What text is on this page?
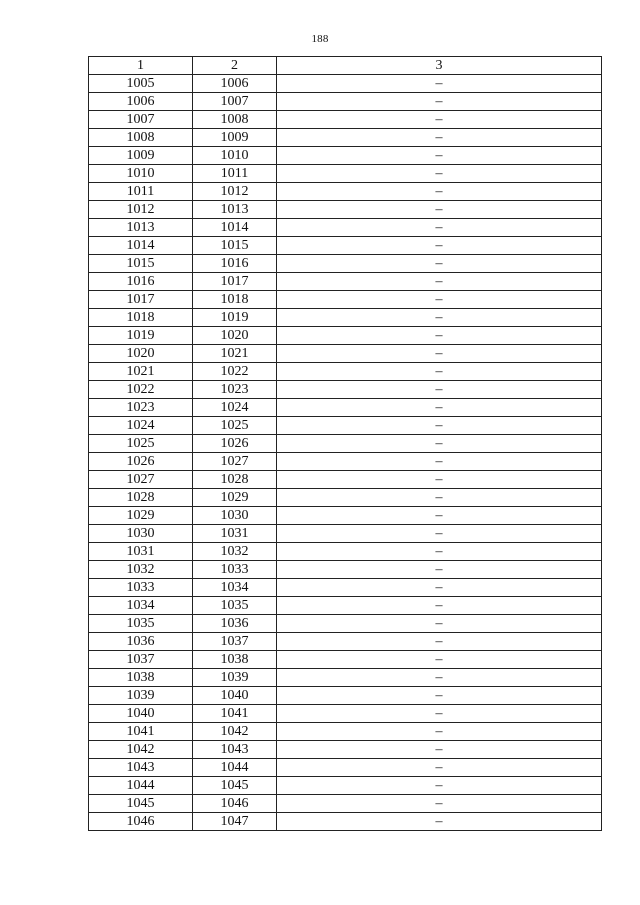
188
1	2	3
1005	1006	–
1006	1007	–
1007	1008	–
1008	1009	–
1009	1010	–
1010	1011	–
1011	1012	–
1012	1013	–
1013	1014	–
1014	1015	–
1015	1016	–
1016	1017	–
1017	1018	–
1018	1019	–
1019	1020	–
1020	1021	–
1021	1022	–
1022	1023	–
1023	1024	–
1024	1025	–
1025	1026	–
1026	1027	–
1027	1028	–
1028	1029	–
1029	1030	–
1030	1031	–
1031	1032	–
1032	1033	–
1033	1034	–
1034	1035	–
1035	1036	–
1036	1037	–
1037	1038	–
1038	1039	–
1039	1040	–
1040	1041	–
1041	1042	–
1042	1043	–
1043	1044	–
1044	1045	–
1045	1046	–
1046	1047	–
